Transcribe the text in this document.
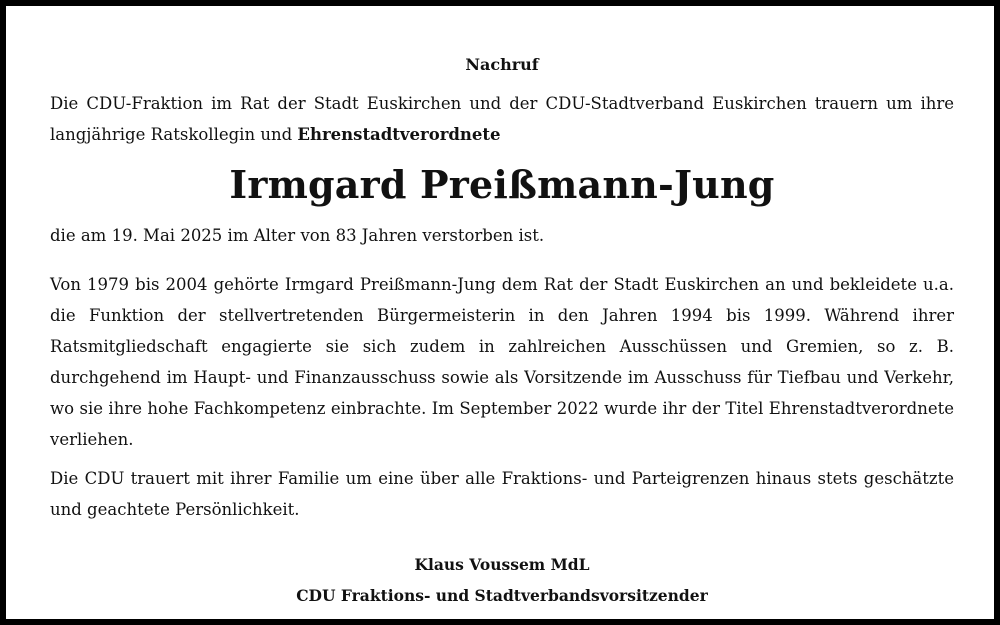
Nachruf

Die CDU-Fraktion im Rat der Stadt Euskirchen und der CDU-Stadtverband Euskirchen trauern um ihre langjährige Ratskollegin und Ehrenstadtverordnete

Irmgard Preißmann-Jung

die am 19. Mai 2025 im Alter von 83 Jahren verstorben ist.

Von 1979 bis 2004 gehörte Irmgard Preißmann-Jung dem Rat der Stadt Euskirchen an und bekleidete u.a. die Funktion der stellvertretenden Bürgermeisterin in den Jahren 1994 bis 1999. Während ihrer Ratsmitgliedschaft engagierte sie sich zudem in zahlreichen Ausschüssen und Gremien, so z. B. durchgehend im Haupt- und Finanzausschuss sowie als Vorsitzende im Ausschuss für Tiefbau und Verkehr, wo sie ihre hohe Fachkompetenz einbrachte. Im September 2022 wurde ihr der Titel Ehrenstadtverordnete verliehen.

Die CDU trauert mit ihrer Familie um eine über alle Fraktions- und Parteigrenzen hinaus stets geschätzte und geachtete Persönlichkeit.

Klaus Voussem MdL

CDU Fraktions- und Stadtverbandsvorsitzender
